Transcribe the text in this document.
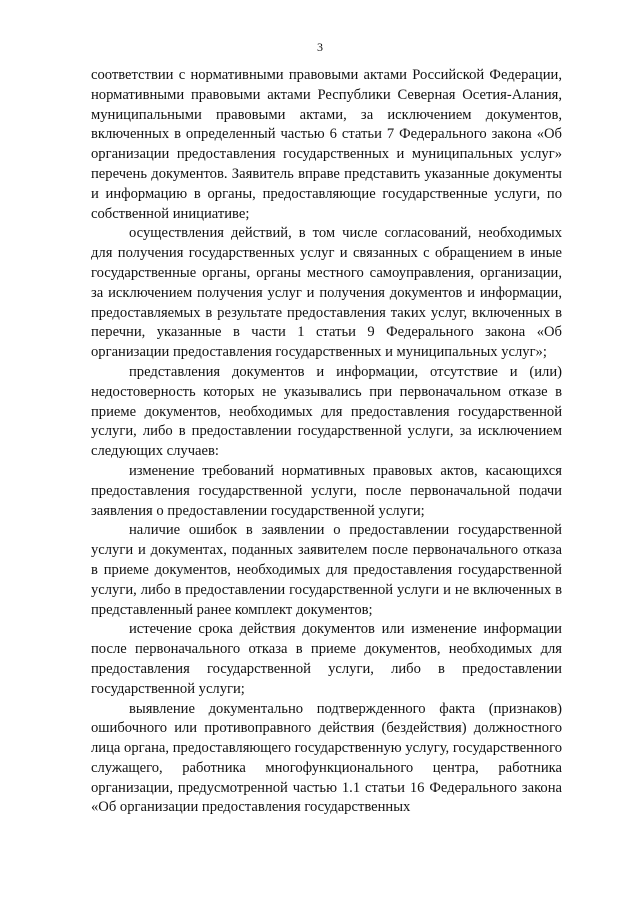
3

соответствии с нормативными правовыми актами Российской Федерации, нормативными правовыми актами Республики Северная Осетия-Алания, муниципальными правовыми актами, за исключением документов, включенных в определенный частью 6 статьи 7 Федерального закона «Об организации предоставления государственных и муниципальных услуг» перечень документов. Заявитель вправе представить указанные документы и информацию в органы, предоставляющие государственные услуги, по собственной инициативе;

осуществления действий, в том числе согласований, необходимых для получения государственных услуг и связанных с обращением в иные государственные органы, органы местного самоуправления, организации, за исключением получения услуг и получения документов и информации, предоставляемых в результате предоставления таких услуг, включенных в перечни, указанные в части 1 статьи 9 Федерального закона «Об организации предоставления государственных и муниципальных услуг»;

представления документов и информации, отсутствие и (или) недостоверность которых не указывались при первоначальном отказе в приеме документов, необходимых для предоставления государственной услуги, либо в предоставлении государственной услуги, за исключением следующих случаев:

изменение требований нормативных правовых актов, касающихся предоставления государственной услуги, после первоначальной подачи заявления о предоставлении государственной услуги;

наличие ошибок в заявлении о предоставлении государственной услуги и документах, поданных заявителем после первоначального отказа в приеме документов, необходимых для предоставления государственной услуги, либо в предоставлении государственной услуги и не включенных в представленный ранее комплект документов;

истечение срока действия документов или изменение информации после первоначального отказа в приеме документов, необходимых для предоставления государственной услуги, либо в предоставлении государственной услуги;

выявление документально подтвержденного факта (признаков) ошибочного или противоправного действия (бездействия) должностного лица органа, предоставляющего государственную услугу, государственного служащего, работника многофункционального центра, работника организации, предусмотренной частью 1.1 статьи 16 Федерального закона «Об организации предоставления государственных
